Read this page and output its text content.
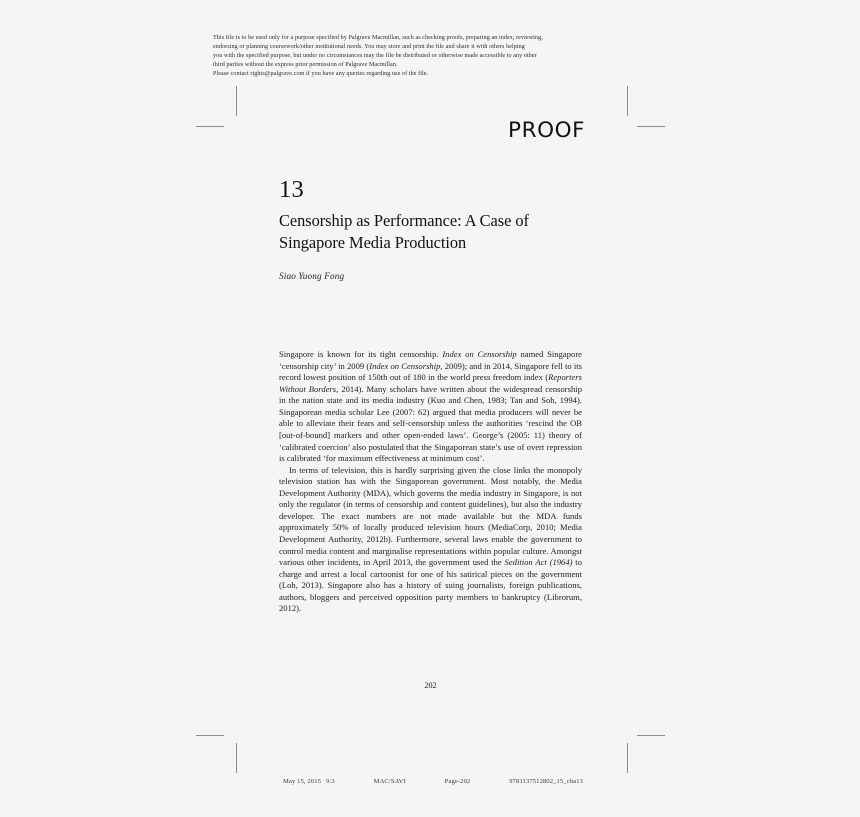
This file is to be used only for a purpose specified by Palgrave Macmillan, such as checking proofs, preparing an index, reviewing,

endorsing or planning coursework/other institutional needs. You may store and print the file and share it with others helping

you with the specified purpose, but under no circumstances may the file be distributed or otherwise made accessible to any other

third parties without the express prior permission of Palgrave Macmillan.

Please contact rights@palgrave.com if you have any queries regarding use of the file.

PROOF
13
Censorship as Performance: A Case of Singapore Media Production
Siao Yuong Fong

Singapore is known for its tight censorship. Index on Censorship named Singapore ‘censorship city’ in 2009 (Index on Censorship, 2009); and in 2014, Singapore fell to its record lowest position of 150th out of 180 in the world press freedom index (Reporters Without Borders, 2014). Many scholars have written about the widespread censorship in the nation state and its media industry (Kuo and Chen, 1983; Tan and Soh, 1994). Singaporean media scholar Lee (2007: 62) argued that media producers will never be able to alleviate their fears and self-censorship unless the authorities ‘rescind the OB [out-of-bound] markers and other open-ended laws’. George’s (2005: 11) theory of ‘calibrated coercion’ also postulated that the Singaporean state’s use of overt repression is calibrated ‘for maximum effectiveness at minimum cost’.

In terms of television, this is hardly surprising given the close links the monopoly television station has with the Singaporean government. Most notably, the Media Development Authority (MDA), which governs the media industry in Singapore, is not only the regulator (in terms of censorship and content guidelines), but also the industry developer. The exact numbers are not made available but the MDA funds approximately 50% of locally produced television hours (MediaCorp, 2010; Media Development Authority, 2012b). Furthermore, several laws enable the government to control media content and marginalise representations within popular culture. Amongst various other incidents, in April 2013, the government used the Sedition Act (1964) to charge and arrest a local cartoonist for one of his satirical pieces on the government (Loh, 2013). Singapore also has a history of suing journalists, foreign publications, authors, bloggers and perceived opposition party members to bankruptcy (Librorum, 2012).

202
May 15, 2015 9:3	MAC/SAVI	Page-202	9781137512802_15_cha13
